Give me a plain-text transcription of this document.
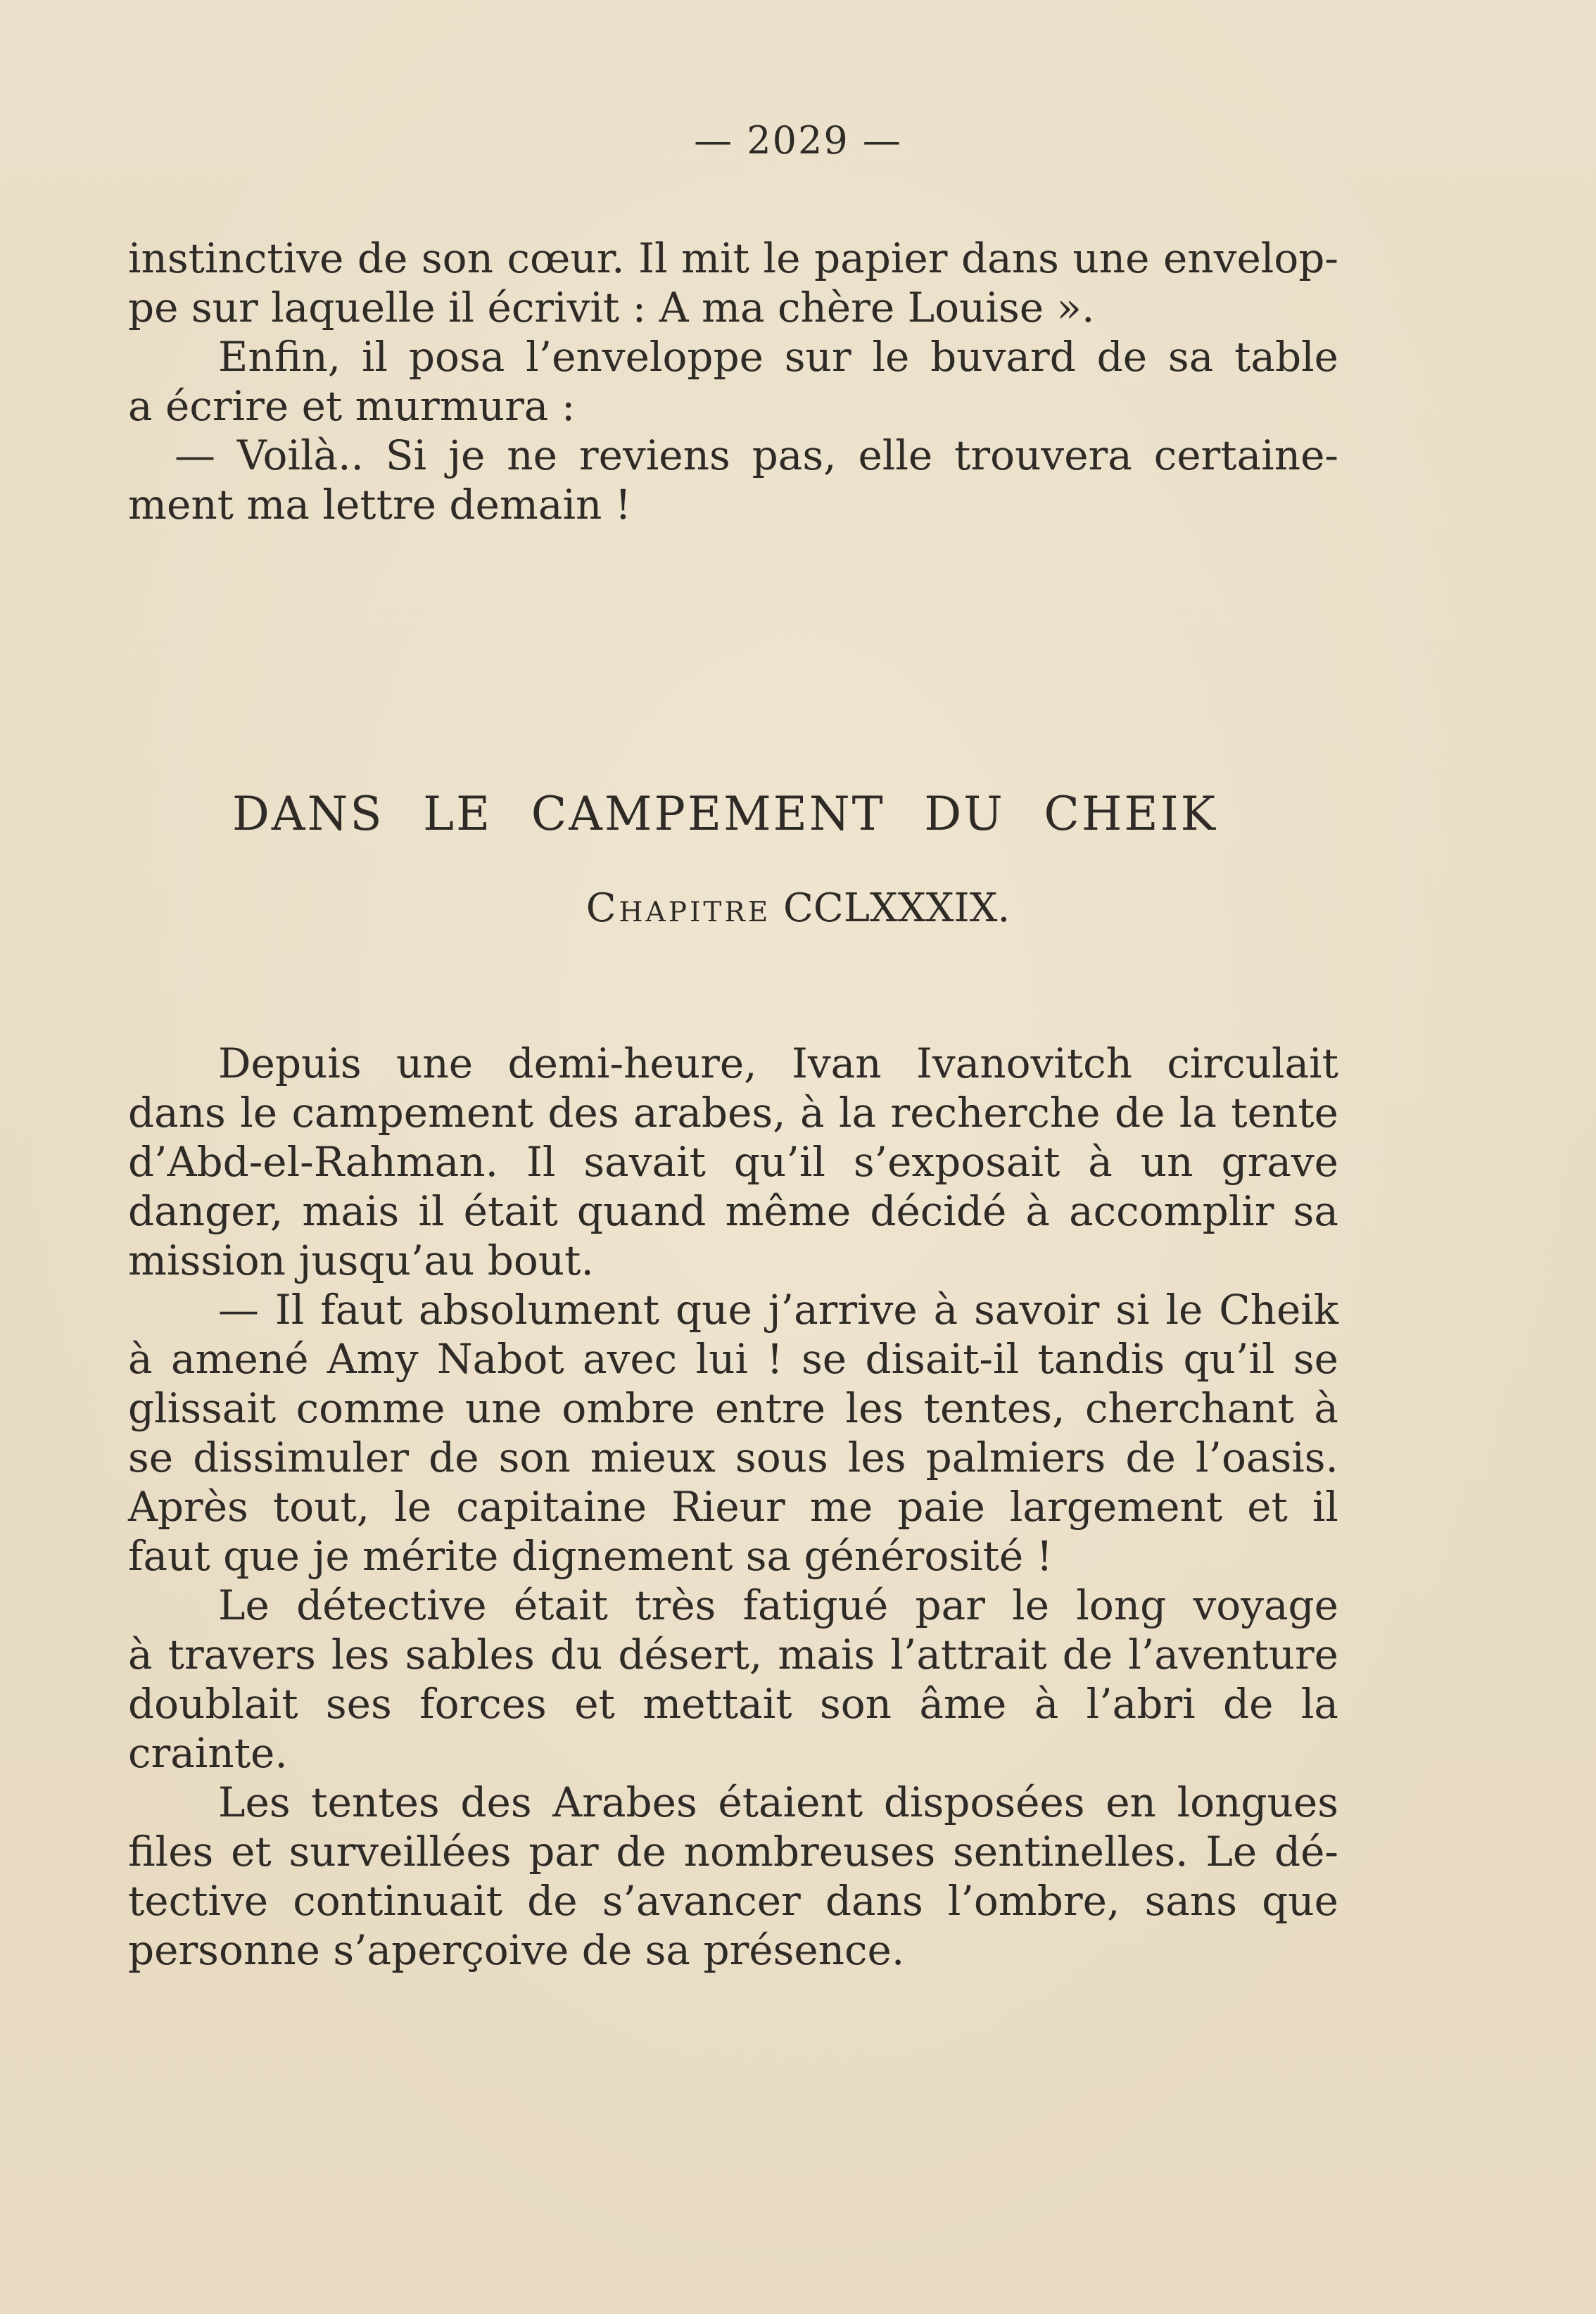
— 2029 —
instinctive de son cœur. Il mit le papier dans une envelop-
pe sur laquelle il écrivit : A ma chère Louise ».
Enfin, il posa l’enveloppe sur le buvard de sa table
a écrire et murmura :
— Voilà.. Si je ne reviens pas, elle trouvera certaine-
ment ma lettre demain !
DANS LE CAMPEMENT DU CHEIK
Chapitre CCLXXXIX.
Depuis une demi-heure, Ivan Ivanovitch circulait
dans le campement des arabes, à la recherche de la tente
d’Abd-el-Rahman. Il savait qu’il s’exposait à un grave
danger, mais il était quand même décidé à accomplir sa
mission jusqu’au bout.
— Il faut absolument que j’arrive à savoir si le Cheik
à amené Amy Nabot avec lui ! se disait-il tandis qu’il se
glissait comme une ombre entre les tentes, cherchant à
se dissimuler de son mieux sous les palmiers de l’oasis.
Après tout, le capitaine Rieur me paie largement et il
faut que je mérite dignement sa générosité !
Le détective était très fatigué par le long voyage
à travers les sables du désert, mais l’attrait de l’aventure
doublait ses forces et mettait son âme à l’abri de la
crainte.
Les tentes des Arabes étaient disposées en longues
files et surveillées par de nombreuses sentinelles. Le dé-
tective continuait de s’avancer dans l’ombre, sans que
personne s’aperçoive de sa présence.
